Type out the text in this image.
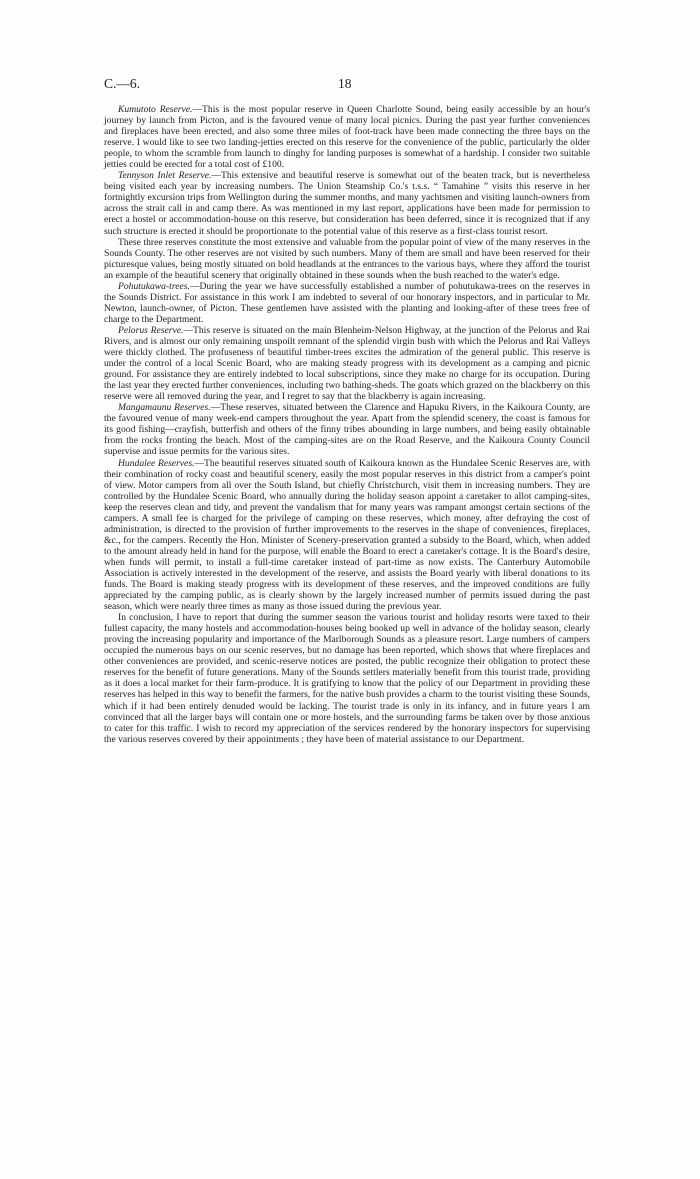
C.—6.	18

Kumutoto Reserve.—This is the most popular reserve in Queen Charlotte Sound, being easily accessible by an hour's journey by launch from Picton, and is the favoured venue of many local picnics. During the past year further conveniences and fireplaces have been erected, and also some three miles of foot-track have been made connecting the three bays on the reserve. I would like to see two landing-jetties erected on this reserve for the convenience of the public, particularly the older people, to whom the scramble from launch to dinghy for landing purposes is somewhat of a hardship. I consider two suitable jetties could be erected for a total cost of £100.

Tennyson Inlet Reserve.—This extensive and beautiful reserve is somewhat out of the beaten track, but is nevertheless being visited each year by increasing numbers. The Union Steamship Co.'s t.s.s. “ Tamahine ” visits this reserve in her fortnightly excursion trips from Wellington during the summer months, and many yachtsmen and visiting launch-owners from across the strait call in and camp there. As was mentioned in my last report, applications have been made for permission to erect a hostel or accommodation-house on this reserve, but consideration has been deferred, since it is recognized that if any such structure is erected it should be proportionate to the potential value of this reserve as a first-class tourist resort.

These three reserves constitute the most extensive and valuable from the popular point of view of the many reserves in the Sounds County. The other reserves are not visited by such numbers. Many of them are small and have been reserved for their picturesque values, being mostly situated on bold headlands at the entrances to the various bays, where they afford the tourist an example of the beautiful scenery that originally obtained in these sounds when the bush reached to the water's edge.

Pohutukawa-trees.—During the year we have successfully established a number of pohutukawa-trees on the reserves in the Sounds District. For assistance in this work I am indebted to several of our honorary inspectors, and in particular to Mr. Newton, launch-owner, of Picton. These gentlemen have assisted with the planting and looking-after of these trees free of charge to the Department.

Pelorus Reserve.—This reserve is situated on the main Blenheim-Nelson Highway, at the junction of the Pelorus and Rai Rivers, and is almost our only remaining unspoilt remnant of the splendid virgin bush with which the Pelorus and Rai Valleys were thickly clothed. The profuseness of beautiful timber-trees excites the admiration of the general public. This reserve is under the control of a local Scenic Board, who are making steady progress with its development as a camping and picnic ground. For assistance they are entirely indebted to local subscriptions, since they make no charge for its occupation. During the last year they erected further conveniences, including two bathing-sheds. The goats which grazed on the blackberry on this reserve were all removed during the year, and I regret to say that the blackberry is again increasing.

Mangamaunu Reserves.—These reserves, situated between the Clarence and Hapuku Rivers, in the Kaikoura County, are the favoured venue of many week-end campers throughout the year. Apart from the splendid scenery, the coast is famous for its good fishing—crayfish, butterfish and others of the finny tribes abounding in large numbers, and being easily obtainable from the rocks fronting the beach. Most of the camping-sites are on the Road Reserve, and the Kaikoura County Council supervise and issue permits for the various sites.

Hundalee Reserves.—The beautiful reserves situated south of Kaikoura known as the Hundalee Scenic Reserves are, with their combination of rocky coast and beautiful scenery, easily the most popular reserves in this district from a camper's point of view. Motor campers from all over the South Island, but chiefly Christchurch, visit them in increasing numbers. They are controlled by the Hundalee Scenic Board, who annually during the holiday season appoint a caretaker to allot camping-sites, keep the reserves clean and tidy, and prevent the vandalism that for many years was rampant amongst certain sections of the campers. A small fee is charged for the privilege of camping on these reserves, which money, after defraying the cost of administration, is directed to the provision of further improvements to the reserves in the shape of conveniences, fireplaces, &c., for the campers. Recently the Hon. Minister of Scenery-preservation granted a subsidy to the Board, which, when added to the amount already held in hand for the purpose, will enable the Board to erect a caretaker's cottage. It is the Board's desire, when funds will permit, to install a full-time caretaker instead of part-time as now exists. The Canterbury Automobile Association is actively interested in the development of the reserve, and assists the Board yearly with liberal donations to its funds. The Board is making steady progress with its development of these reserves, and the improved conditions are fully appreciated by the camping public, as is clearly shown by the largely increased number of permits issued during the past season, which were nearly three times as many as those issued during the previous year.

In conclusion, I have to report that during the summer season the various tourist and holiday resorts were taxed to their fullest capacity, the many hostels and accommodation-houses being booked up well in advance of the holiday season, clearly proving the increasing popularity and importance of the Marlborough Sounds as a pleasure resort. Large numbers of campers occupied the numerous bays on our scenic reserves, but no damage has been reported, which shows that where fireplaces and other conveniences are provided, and scenic-reserve notices are posted, the public recognize their obligation to protect these reserves for the benefit of future generations. Many of the Sounds settlers materially benefit from this tourist trade, providing as it does a local market for their farm-produce. It is gratifying to know that the policy of our Department in providing these reserves has helped in this way to benefit the farmers, for the native bush provides a charm to the tourist visiting these Sounds, which if it had been entirely denuded would be lacking. The tourist trade is only in its infancy, and in future years I am convinced that all the larger bays will contain one or more hostels, and the surrounding farms be taken over by those anxious to cater for this traffic. I wish to record my appreciation of the services rendered by the honorary inspectors for supervising the various reserves covered by their appointments ; they have been of material assistance to our Department.
